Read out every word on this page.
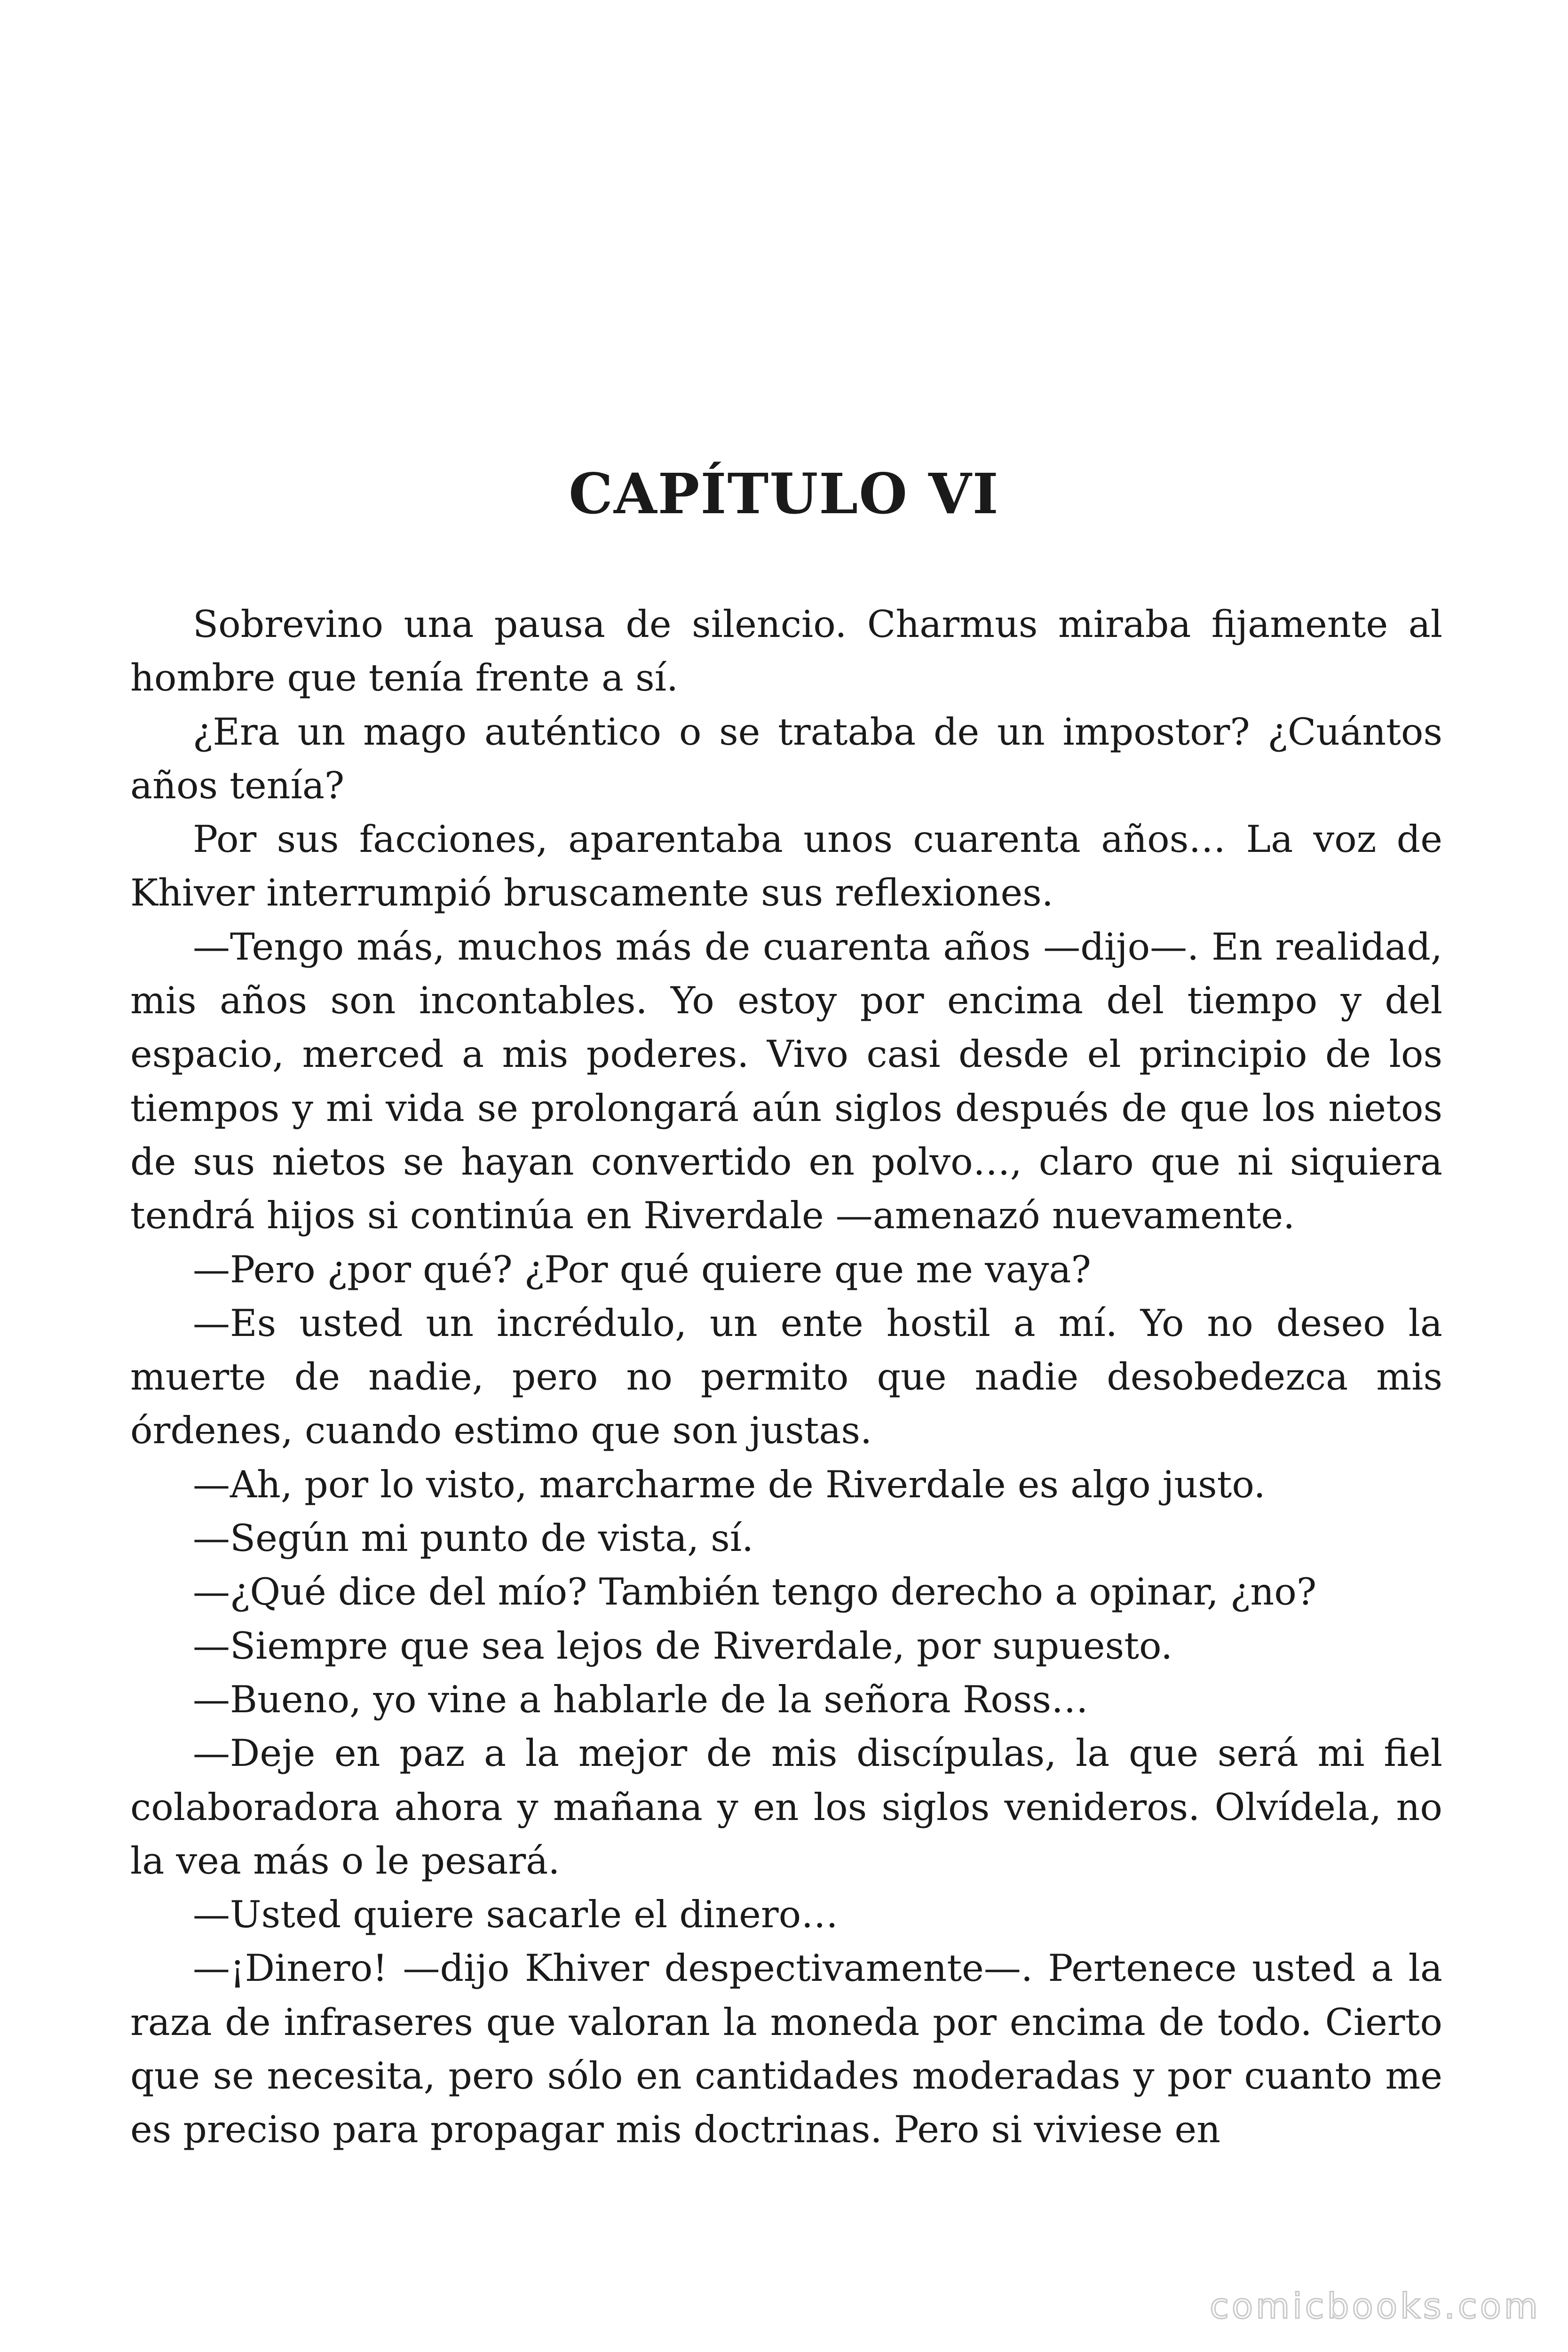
CAPÍTULO VI

Sobrevino una pausa de silencio. Charmus miraba fijamente al hombre que tenía frente a sí.

¿Era un mago auténtico o se trataba de un impostor? ¿Cuántos años tenía?

Por sus facciones, aparentaba unos cuarenta años… La voz de Khiver interrumpió bruscamente sus reflexiones.

—Tengo más, muchos más de cuarenta años —dijo—. En realidad, mis años son incontables. Yo estoy por encima del tiempo y del espacio, merced a mis poderes. Vivo casi desde el principio de los tiempos y mi vida se prolongará aún siglos después de que los nietos de sus nietos se hayan convertido en polvo…, claro que ni siquiera tendrá hijos si continúa en Riverdale —amenazó nuevamente.

—Pero ¿por qué? ¿Por qué quiere que me vaya?

—Es usted un incrédulo, un ente hostil a mí. Yo no deseo la muerte de nadie, pero no permito que nadie desobedezca mis órdenes, cuando estimo que son justas.

—Ah, por lo visto, marcharme de Riverdale es algo justo.

—Según mi punto de vista, sí.

—¿Qué dice del mío? También tengo derecho a opinar, ¿no?

—Siempre que sea lejos de Riverdale, por supuesto.

—Bueno, yo vine a hablarle de la señora Ross…

—Deje en paz a la mejor de mis discípulas, la que será mi fiel colaboradora ahora y mañana y en los siglos venideros. Olvídela, no la vea más o le pesará.

—Usted quiere sacarle el dinero…

—¡Dinero! —dijo Khiver despectivamente—. Pertenece usted a la raza de infraseres que valoran la moneda por encima de todo. Cierto que se necesita, pero sólo en cantidades moderadas y por cuanto me es preciso para propagar mis doctrinas. Pero si viviese en

comicbooks.com
